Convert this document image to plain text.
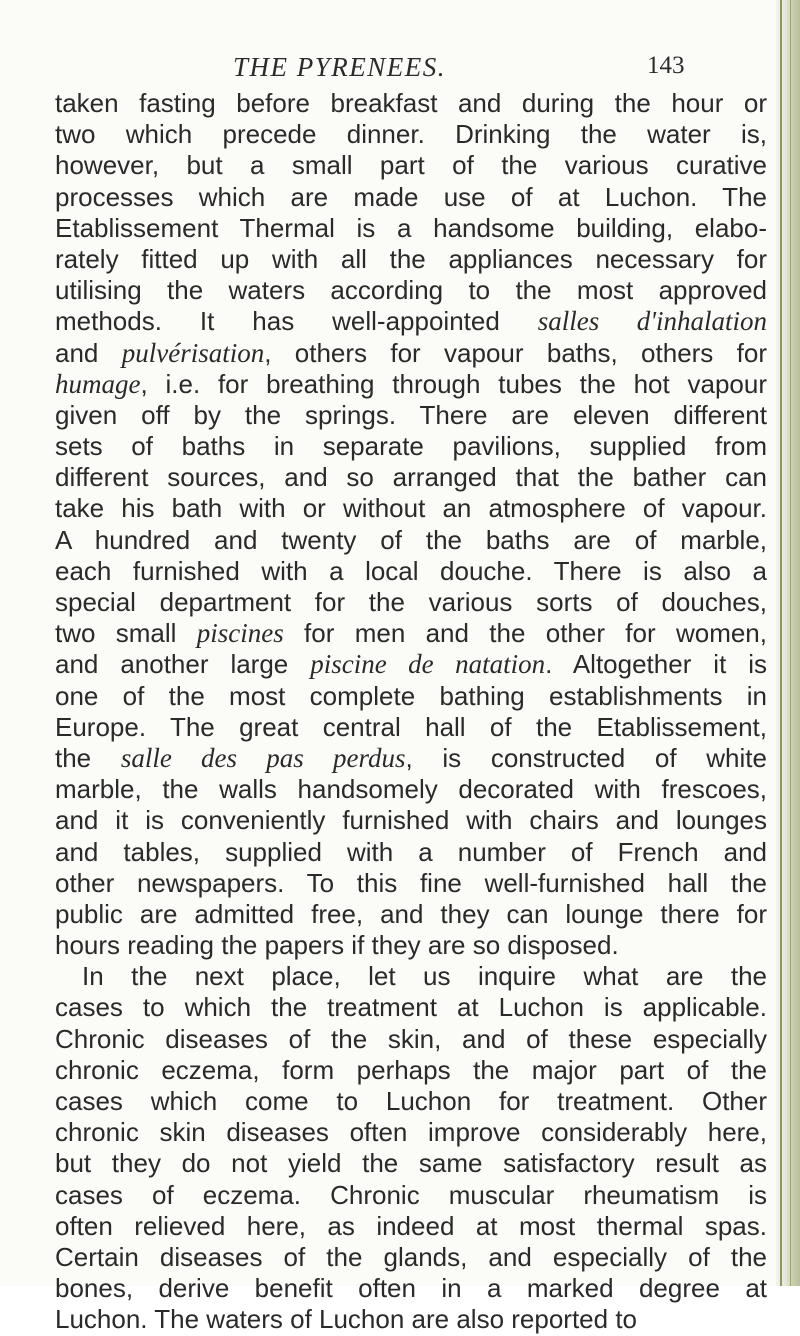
THE PYRENEES.	143
taken fasting before breakfast and during the hour or
two which precede dinner. Drinking the water is,
however, but a small part of the various curative
processes which are made use of at Luchon. The
Etablissement Thermal is a handsome building, elabo-
rately fitted up with all the appliances necessary for
utilising the waters according to the most approved
methods. It has well-appointed salles d'inhalation
and pulvérisation, others for vapour baths, others for
humage, i.e. for breathing through tubes the hot vapour
given off by the springs. There are eleven different
sets of baths in separate pavilions, supplied from
different sources, and so arranged that the bather can
take his bath with or without an atmosphere of vapour.
A hundred and twenty of the baths are of marble,
each furnished with a local douche. There is also a
special department for the various sorts of douches,
two small piscines for men and the other for women,
and another large piscine de natation. Altogether it is
one of the most complete bathing establishments in
Europe. The great central hall of the Etablissement,
the salle des pas perdus, is constructed of white
marble, the walls handsomely decorated with frescoes,
and it is conveniently furnished with chairs and lounges
and tables, supplied with a number of French and
other newspapers. To this fine well-furnished hall the
public are admitted free, and they can lounge there for
hours reading the papers if they are so disposed.
In the next place, let us inquire what are the
cases to which the treatment at Luchon is applicable.
Chronic diseases of the skin, and of these especially
chronic eczema, form perhaps the major part of the
cases which come to Luchon for treatment. Other
chronic skin diseases often improve considerably here,
but they do not yield the same satisfactory result as
cases of eczema. Chronic muscular rheumatism is
often relieved here, as indeed at most thermal spas.
Certain diseases of the glands, and especially of the
bones, derive benefit often in a marked degree at
Luchon. The waters of Luchon are also reported to
